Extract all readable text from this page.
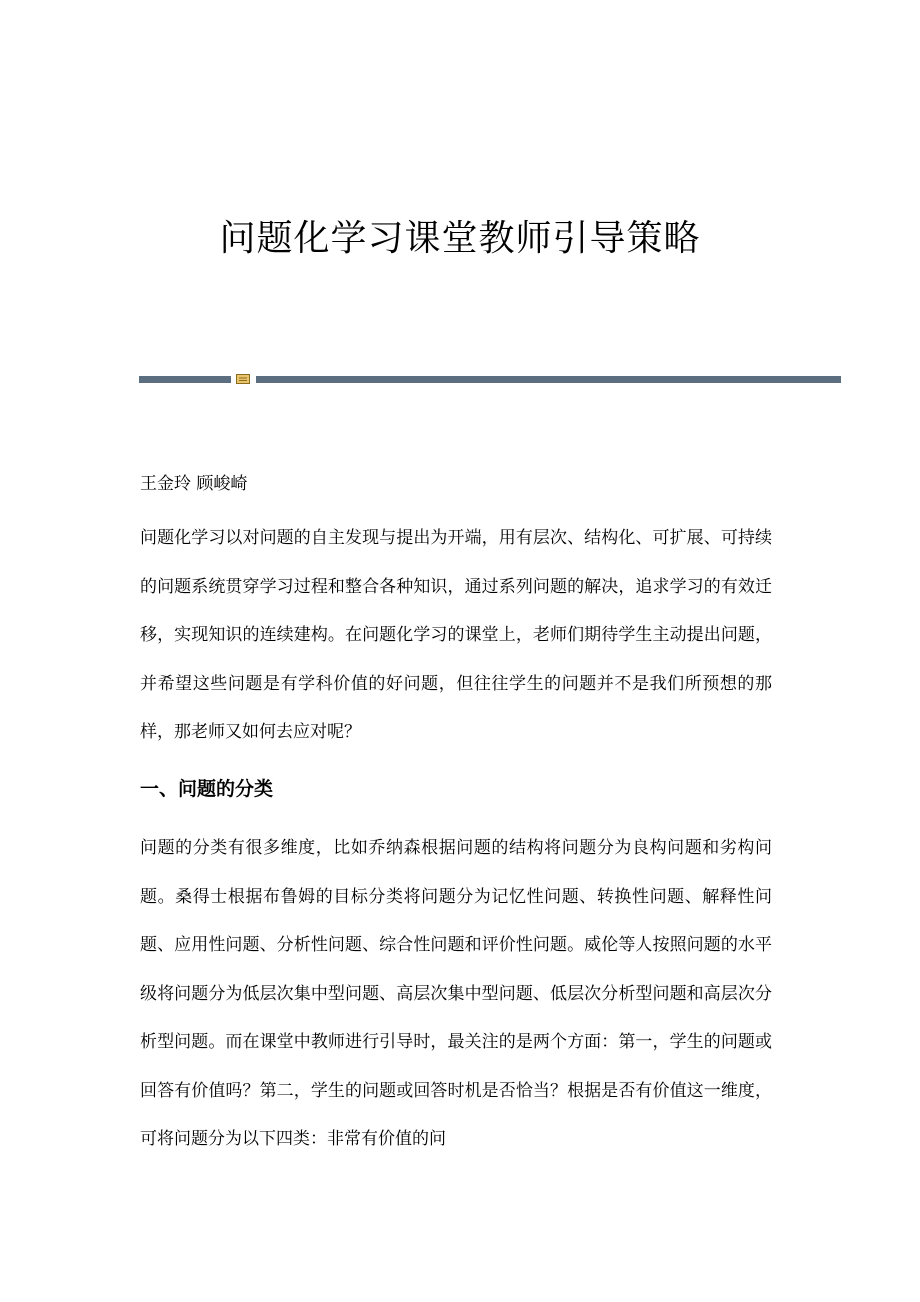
问题化学习课堂教师引导策略

王金玲 顾峻崎

问题化学习以对问题的自主发现与提出为开端，用有层次、结构化、可扩展、可持续的问题系统贯穿学习过程和整合各种知识，通过系列问题的解决，追求学习的有效迁移，实现知识的连续建构。在问题化学习的课堂上，老师们期待学生主动提出问题，并希望这些问题是有学科价值的好问题，但往往学生的问题并不是我们所预想的那样，那老师又如何去应对呢？

一、问题的分类

问题的分类有很多维度，比如乔纳森根据问题的结构将问题分为良构问题和劣构问题。桑得士根据布鲁姆的目标分类将问题分为记忆性问题、转换性问题、解释性问题、应用性问题、分析性问题、综合性问题和评价性问题。威伦等人按照问题的水平级将问题分为低层次集中型问题、高层次集中型问题、低层次分析型问题和高层次分析型问题。而在课堂中教师进行引导时，最关注的是两个方面：第一，学生的问题或回答有价值吗？第二，学生的问题或回答时机是否恰当？根据是否有价值这一维度，可将问题分为以下四类：非常有价值的问
